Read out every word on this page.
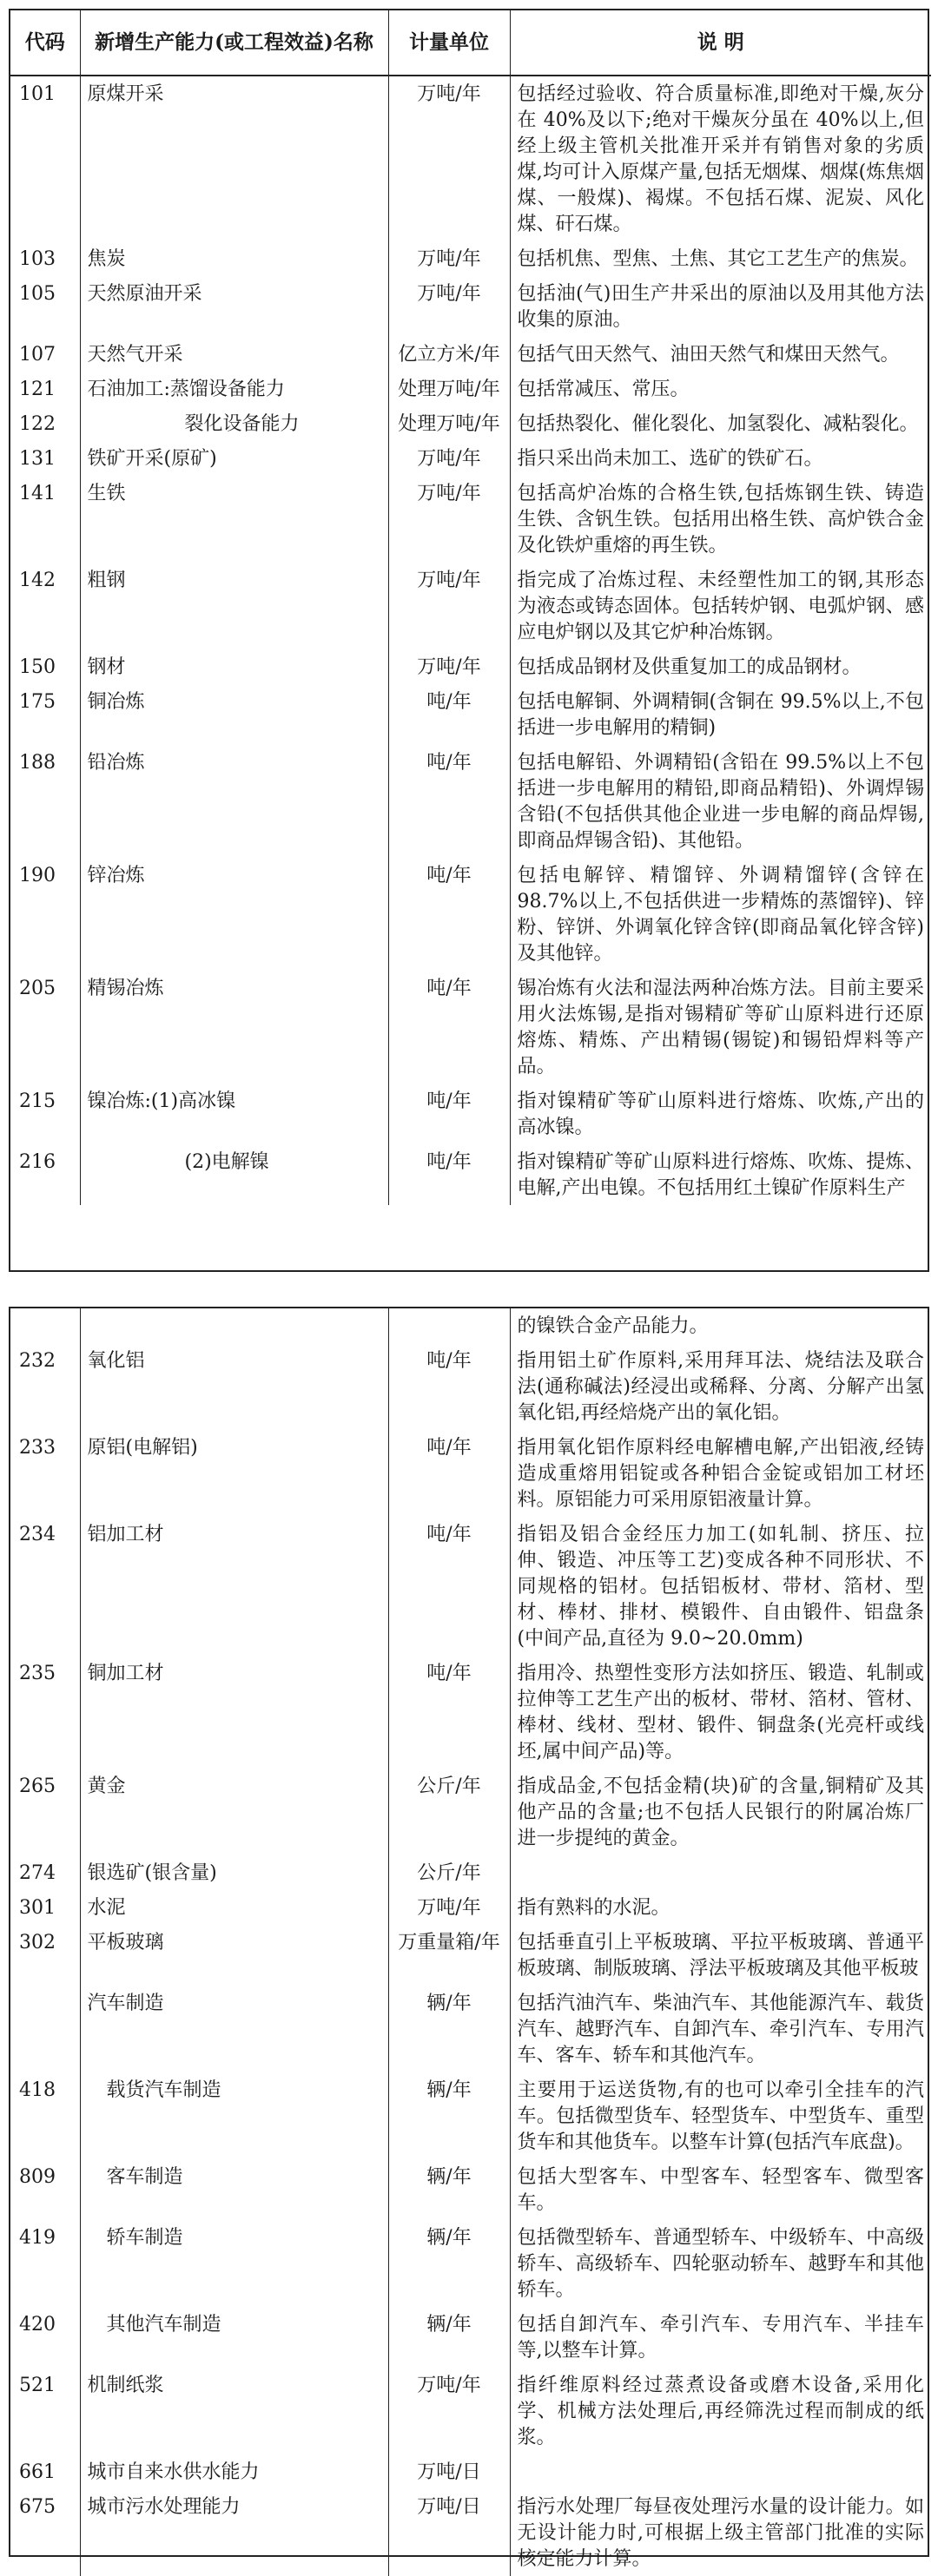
代码	新增生产能力(或工程效益)名称	计量单位	说 明
101	原煤开采	万吨/年	包括经过验收、符合质量标准,即绝对干燥,灰分在 40%及以下;绝对干燥灰分虽在 40%以上,但经上级主管机关批准开采并有销售对象的劣质煤,均可计入原煤产量,包括无烟煤、烟煤(炼焦烟煤、一般煤)、褐煤。不包括石煤、泥炭、风化煤、矸石煤。
103	焦炭	万吨/年	包括机焦、型焦、土焦、其它工艺生产的焦炭。
105	天然原油开采	万吨/年	包括油(气)田生产井采出的原油以及用其他方法收集的原油。
107	天然气开采	亿立方米/年	包括气田天然气、油田天然气和煤田天然气。
121	石油加工:蒸馏设备能力	处理万吨/年	包括常减压、常压。
122	裂化设备能力	处理万吨/年	包括热裂化、催化裂化、加氢裂化、减粘裂化。
131	铁矿开采(原矿)	万吨/年	指只采出尚未加工、选矿的铁矿石。
141	生铁	万吨/年	包括高炉冶炼的合格生铁,包括炼钢生铁、铸造生铁、含钒生铁。包括用出格生铁、高炉铁合金及化铁炉重熔的再生铁。
142	粗钢	万吨/年	指完成了冶炼过程、未经塑性加工的钢,其形态为液态或铸态固体。包括转炉钢、电弧炉钢、感应电炉钢以及其它炉种冶炼钢。
150	钢材	万吨/年	包括成品钢材及供重复加工的成品钢材。
175	铜冶炼	吨/年	包括电解铜、外调精铜(含铜在 99.5%以上,不包括进一步电解用的精铜)
188	铅冶炼	吨/年	包括电解铅、外调精铅(含铅在 99.5%以上不包括进一步电解用的精铅,即商品精铅)、外调焊锡含铅(不包括供其他企业进一步电解的商品焊锡,即商品焊锡含铅)、其他铅。
190	锌冶炼	吨/年	包括电解锌、精馏锌、外调精馏锌(含锌在98.7%以上,不包括供进一步精炼的蒸馏锌)、锌粉、锌饼、外调氧化锌含锌(即商品氧化锌含锌)及其他锌。
205	精锡冶炼	吨/年	锡冶炼有火法和湿法两种冶炼方法。目前主要采用火法炼锡,是指对锡精矿等矿山原料进行还原熔炼、精炼、产出精锡(锡锭)和锡铅焊料等产品。
215	镍冶炼:(1)高冰镍	吨/年	指对镍精矿等矿山原料进行熔炼、吹炼,产出的高冰镍。
216	(2)电解镍	吨/年	指对镍精矿等矿山原料进行熔炼、吹炼、提炼、电解,产出电镍。不包括用红土镍矿作原料生产
			的镍铁合金产品能力。
232	氧化铝	吨/年	指用铝土矿作原料,采用拜耳法、烧结法及联合法(通称碱法)经浸出或稀释、分离、分解产出氢氧化铝,再经焙烧产出的氧化铝。
233	原铝(电解铝)	吨/年	指用氧化铝作原料经电解槽电解,产出铝液,经铸造成重熔用铝锭或各种铝合金锭或铝加工材坯料。原铝能力可采用原铝液量计算。
234	铝加工材	吨/年	指铝及铝合金经压力加工(如轧制、挤压、拉伸、锻造、冲压等工艺)变成各种不同形状、不同规格的铝材。包括铝板材、带材、箔材、型材、棒材、排材、模锻件、自由锻件、铝盘条(中间产品,直径为 9.0~20.0mm)
235	铜加工材	吨/年	指用冷、热塑性变形方法如挤压、锻造、轧制或拉伸等工艺生产出的板材、带材、箔材、管材、棒材、线材、型材、锻件、铜盘条(光亮杆或线坯,属中间产品)等。
265	黄金	公斤/年	指成品金,不包括金精(块)矿的含量,铜精矿及其他产品的含量;也不包括人民银行的附属冶炼厂进一步提纯的黄金。
274	银选矿(银含量)	公斤/年	
301	水泥	万吨/年	指有熟料的水泥。
302	平板玻璃	万重量箱/年	包括垂直引上平板玻璃、平拉平板玻璃、普通平板玻璃、制版玻璃、浮法平板玻璃及其他平板玻
	汽车制造	辆/年	包括汽油汽车、柴油汽车、其他能源汽车、载货汽车、越野汽车、自卸汽车、牵引汽车、专用汽车、客车、轿车和其他汽车。
418	载货汽车制造	辆/年	主要用于运送货物,有的也可以牵引全挂车的汽车。包括微型货车、轻型货车、中型货车、重型货车和其他货车。以整车计算(包括汽车底盘)。
809	客车制造	辆/年	包括大型客车、中型客车、轻型客车、微型客车。
419	轿车制造	辆/年	包括微型轿车、普通型轿车、中级轿车、中高级轿车、高级轿车、四轮驱动轿车、越野车和其他轿车。
420	其他汽车制造	辆/年	包括自卸汽车、牵引汽车、专用汽车、半挂车等,以整车计算。
521	机制纸浆	万吨/年	指纤维原料经过蒸煮设备或磨木设备,采用化学、机械方法处理后,再经筛洗过程而制成的纸浆。
661	城市自来水供水能力	万吨/日	
675	城市污水处理能力	万吨/日	指污水处理厂每昼夜处理污水量的设计能力。如无设计能力时,可根据上级主管部门批准的实际核定能力计算。
